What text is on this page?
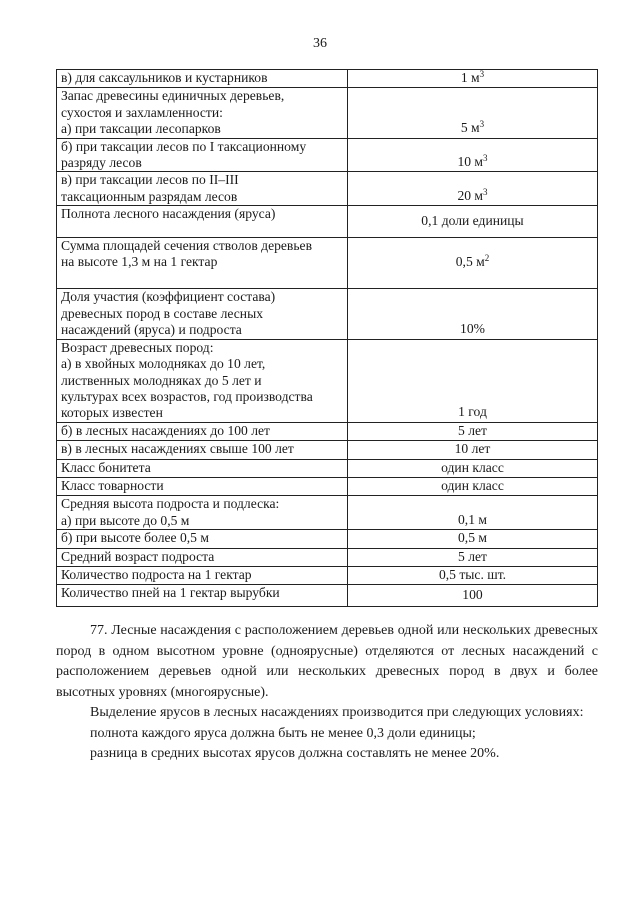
36
в) для саксаульников и кустарников	1 $м^3$

Запас древесины единичных деревьев,
сухостоя и захламленности:
а) при таксации лесопарков	5 $м^3$

б) при таксации лесов по I таксационному
разряду лесов	10 $м^3$

в) при таксации лесов по II–III
таксационным разрядам лесов	20 $м^3$

Полнота лесного насаждения (яруса)	0,1 доли единицы

Сумма площадей сечения стволов деревьев
на высоте 1,3 м на 1 гектар	0,5 $м^2$

Доля участия (коэффициент состава)
древесных пород в составе лесных
насаждений (яруса) и подроста	10%

Возраст древесных пород:
а) в хвойных молодняках до 10 лет,
лиственных молодняках до 5 лет и
культурах всех возрастов, год производства
которых известен	1 год

б) в лесных насаждениях до 100 лет	5 лет

в) в лесных насаждениях свыше 100 лет	10 лет

Класс бонитета	один класс

Класс товарности	один класс

Средняя высота подроста и подлеска:
а) при высоте до 0,5 м	0,1 м

б) при высоте более 0,5 м	0,5 м

Средний возраст подроста	5 лет

Количество подроста на 1 гектар	0,5 тыс. шт.

Количество пней на 1 гектар вырубки	100

77. Лесные насаждения с расположением деревьев одной или нескольких древесных пород в одном высотном уровне (одноярусные) отделяются от лесных насаждений с расположением деревьев одной или нескольких древесных пород в двух и более высотных уровнях (многоярусные).

Выделение ярусов в лесных насаждениях производится при следующих условиях:

полнота каждого яруса должна быть не менее 0,3 доли единицы;

разница в средних высотах ярусов должна составлять не менее 20%.
